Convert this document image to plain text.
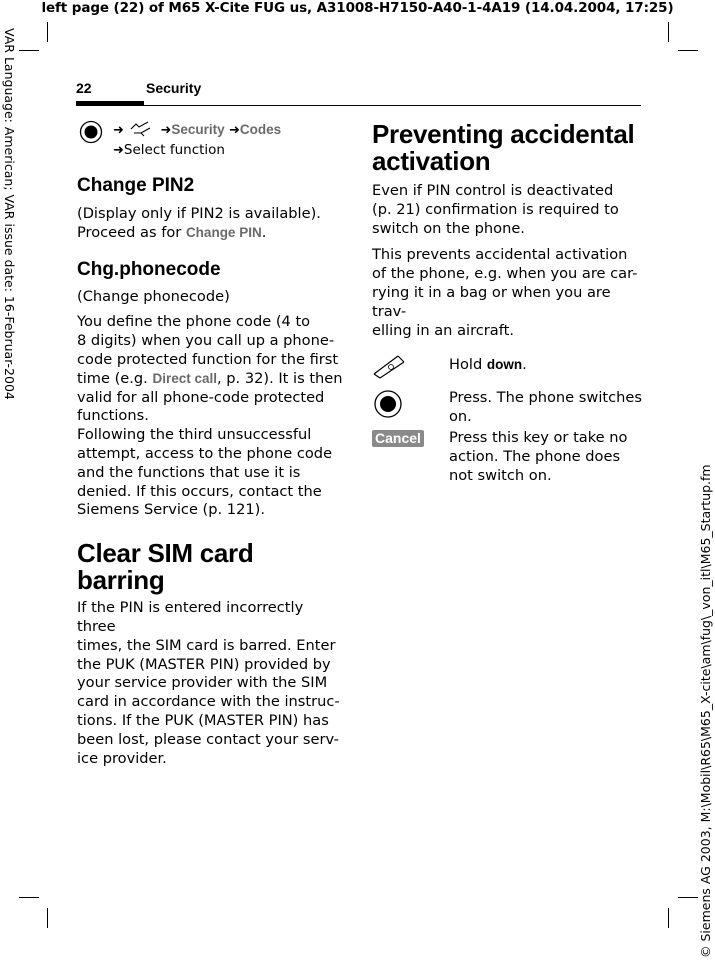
left page (22) of M65 X-Cite FUG us, A31008-H7150-A40-1-4A19 (14.04.2004, 17:25)
VAR Language: American; VAR issue date: 16-Februar-2004
© Siemens AG 2003, M:\Mobil\R65\M65_X-cite\am\fug\_von_itl\M65_Startup.fm
22	Security
➜	➜Security ➜Codes
➜Select function
Change PIN2

(Display only if PIN2 is available).
Proceed as for Change PIN.

Chg.phonecode

(Change phonecode)

You define the phone code (4 to
8 digits) when you call up a phone-
code protected function for the first
time (e.g. Direct call, p. 32). It is then
valid for all phone-code protected
functions.
Following the third unsuccessful
attempt, access to the phone code
and the functions that use it is
denied. If this occurs, contact the
Siemens Service (p. 121).

Clear SIM card barring

If the PIN is entered incorrectly three
times, the SIM card is barred. Enter
the PUK (MASTER PIN) provided by
your service provider with the SIM
card in accordance with the instruc-
tions. If the PUK (MASTER PIN) has
been lost, please contact your serv-
ice provider.

Preventing accidental
activation

Even if PIN control is deactivated
(p. 21) confirmation is required to
switch on the phone.

This prevents accidental activation
of the phone, e.g. when you are car-
rying it in a bag or when you are trav-
elling in an aircraft.

Hold down.
Press. The phone switches
on.
Cancel Press this key or take no
action. The phone does
not switch on.
